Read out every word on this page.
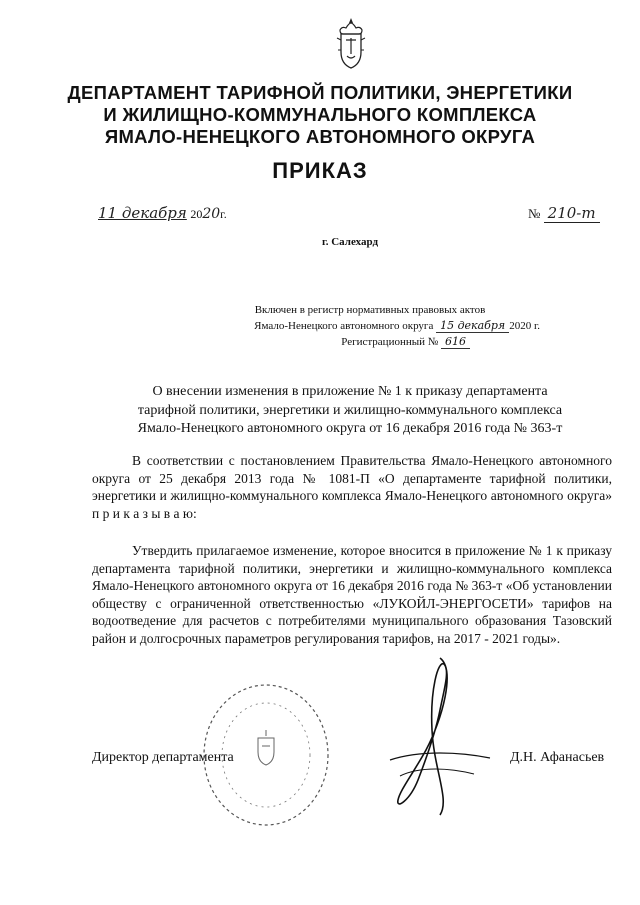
ДЕПАРТАМЕНТ ТАРИФНОЙ ПОЛИТИКИ, ЭНЕРГЕТИКИ
И ЖИЛИЩНО-КОММУНАЛЬНОГО КОМПЛЕКСА
ЯМАЛО-НЕНЕЦКОГО АВТОНОМНОГО ОКРУГА
ПРИКАЗ
11 декабря 2020г.	№ 210-т
г. Салехард
Включен в регистр нормативных правовых актов
Ямало-Ненецкого автономного округа 15 декабря 2020 г.
Регистрационный № 616
О внесении изменения в приложение № 1 к приказу департамента
тарифной политики, энергетики и жилищно-коммунального комплекса
Ямало-Ненецкого автономного округа от 16 декабря 2016 года № 363-т
В соответствии с постановлением Правительства Ямало-Ненецкого автономного округа от 25 декабря 2013 года № 1081-П «О департаменте тарифной политики, энергетики и жилищно-коммунального комплекса Ямало-Ненецкого автономного округа» п р и к а з ы в а ю:
Утвердить прилагаемое изменение, которое вносится в приложение № 1 к приказу департамента тарифной политики, энергетики и жилищно-коммунального комплекса Ямало-Ненецкого автономного округа от 16 декабря 2016 года № 363-т «Об установлении обществу с ограниченной ответственностью «ЛУКОЙЛ-ЭНЕРГОСЕТИ» тарифов на водоотведение для расчетов с потребителями муниципального образования Тазовский район и долгосрочных параметров регулирования тарифов, на 2017 - 2021 годы».
Директор департамента	Д.Н. Афанасьев
